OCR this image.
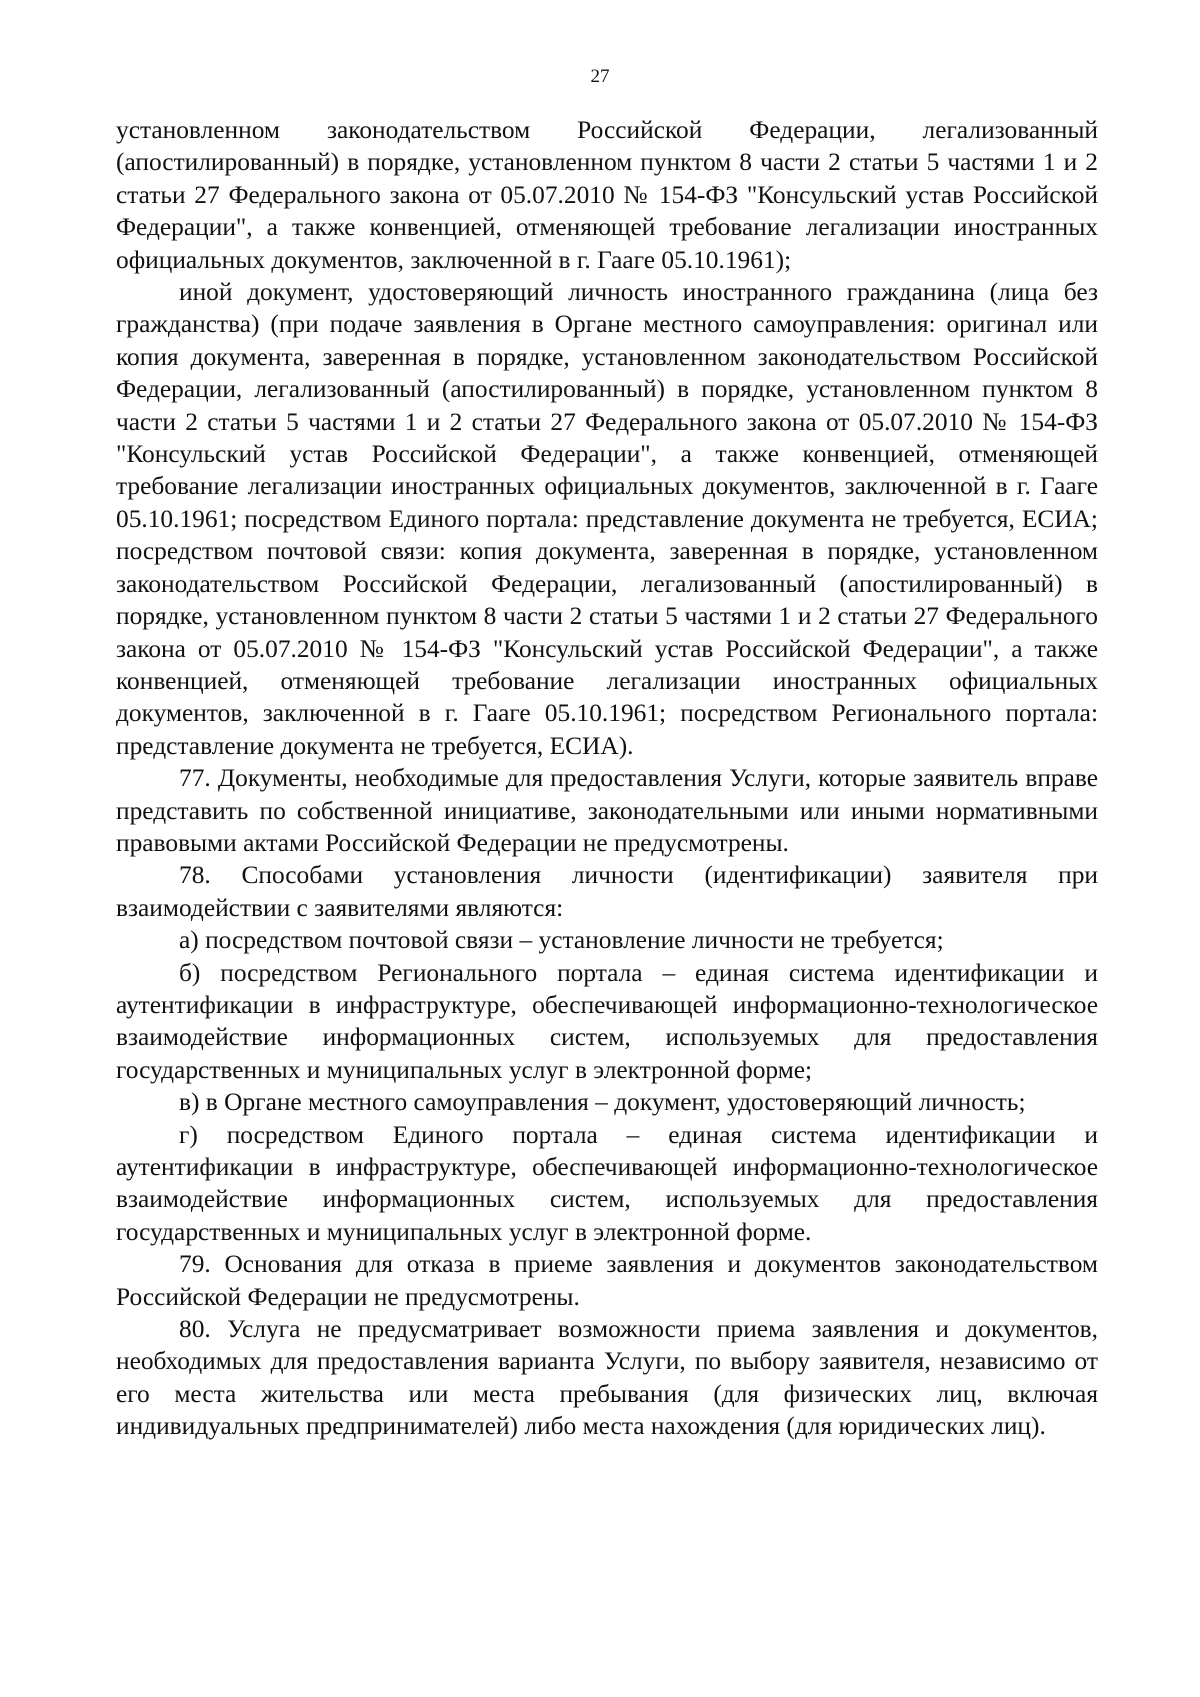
27

установленном законодательством Российской Федерации, легализованный (апостилированный) в порядке, установленном пунктом 8 части 2 статьи 5 частями 1 и 2 статьи 27 Федерального закона от 05.07.2010 № 154-ФЗ "Консульский устав Российской Федерации", а также конвенцией, отменяющей требование легализации иностранных официальных документов, заключенной в г. Гааге 05.10.1961);

иной документ, удостоверяющий личность иностранного гражданина (лица без гражданства) (при подаче заявления в Органе местного самоуправления: оригинал или копия документа, заверенная в порядке, установленном законодательством Российской Федерации, легализованный (апостилированный) в порядке, установленном пунктом 8 части 2 статьи 5 частями 1 и 2 статьи 27 Федерального закона от 05.07.2010 № 154-ФЗ "Консульский устав Российской Федерации", а также конвенцией, отменяющей требование легализации иностранных официальных документов, заключенной в г. Гааге 05.10.1961; посредством Единого портала: представление документа не требуется, ЕСИА; посредством почтовой связи: копия документа, заверенная в порядке, установленном законодательством Российской Федерации, легализованный (апостилированный) в порядке, установленном пунктом 8 части 2 статьи 5 частями 1 и 2 статьи 27 Федерального закона от 05.07.2010 № 154-ФЗ "Консульский устав Российской Федерации", а также конвенцией, отменяющей требование легализации иностранных официальных документов, заключенной в г. Гааге 05.10.1961; посредством Регионального портала: представление документа не требуется, ЕСИА).

77. Документы, необходимые для предоставления Услуги, которые заявитель вправе представить по собственной инициативе, законодательными или иными нормативными правовыми актами Российской Федерации не предусмотрены.

78. Способами установления личности (идентификации) заявителя при взаимодействии с заявителями являются:

а) посредством почтовой связи – установление личности не требуется;

б) посредством Регионального портала – единая система идентификации и аутентификации в инфраструктуре, обеспечивающей информационно-технологическое взаимодействие информационных систем, используемых для предоставления государственных и муниципальных услуг в электронной форме;

в) в Органе местного самоуправления – документ, удостоверяющий личность;

г) посредством Единого портала – единая система идентификации и аутентификации в инфраструктуре, обеспечивающей информационно-технологическое взаимодействие информационных систем, используемых для предоставления государственных и муниципальных услуг в электронной форме.

79. Основания для отказа в приеме заявления и документов законодательством Российской Федерации не предусмотрены.

80. Услуга не предусматривает возможности приема заявления и документов, необходимых для предоставления варианта Услуги, по выбору заявителя, независимо от его места жительства или места пребывания (для физических лиц, включая индивидуальных предпринимателей) либо места нахождения (для юридических лиц).
